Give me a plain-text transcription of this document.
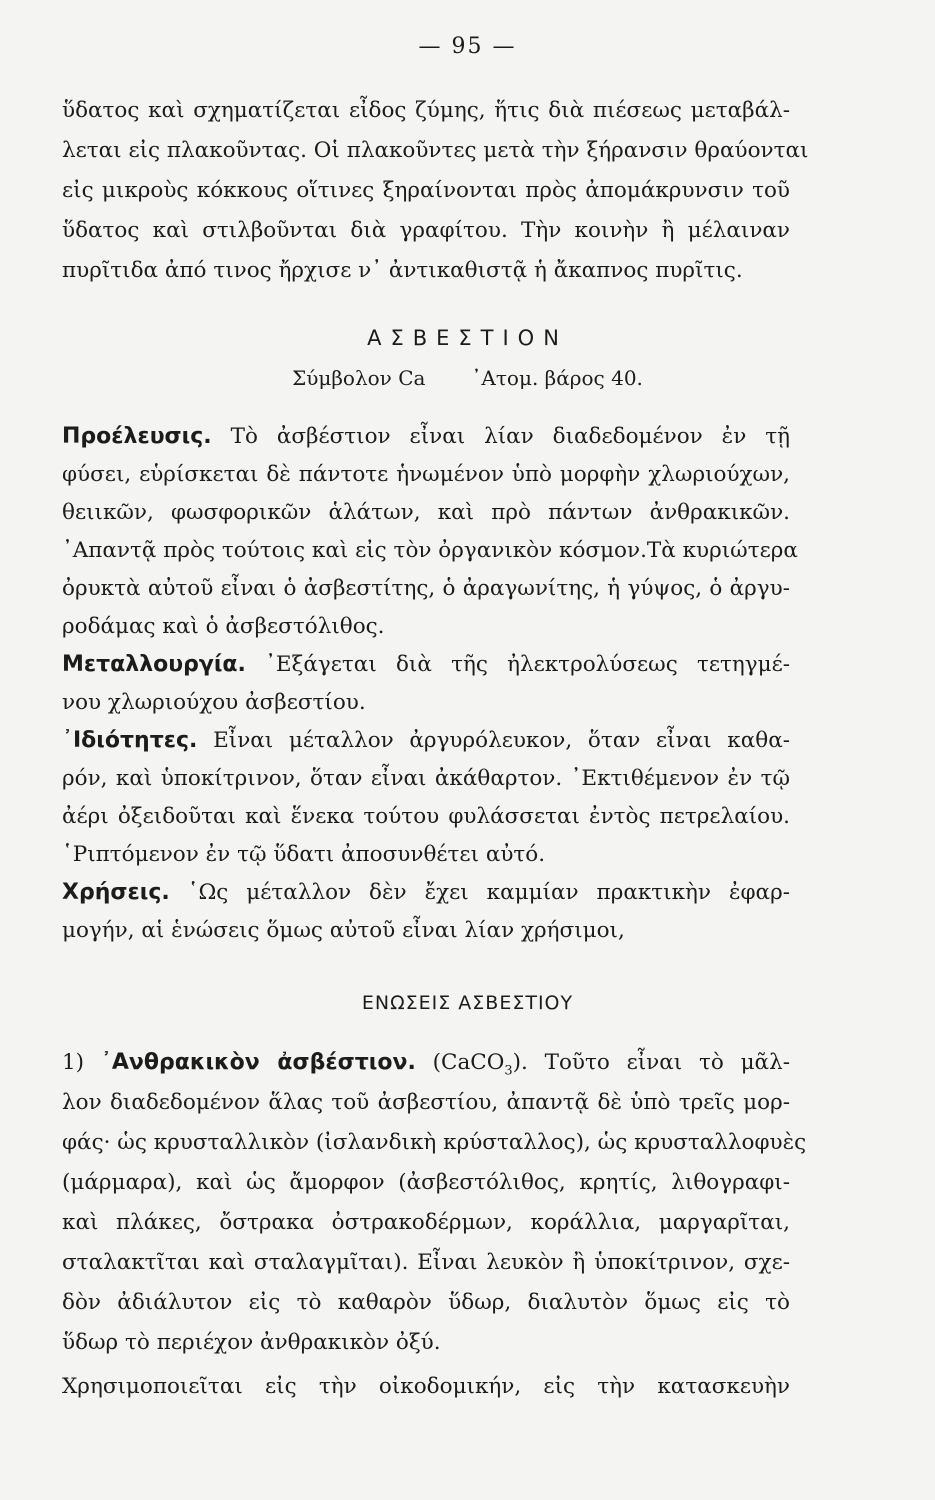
— 95 —
ὕδατος καὶ σχηματίζεται εἶδος ζύμης, ἥτις διὰ πιέσεως μεταβάλ-
λεται εἰς πλακοῦντας. Οἱ πλακοῦντες μετὰ τὴν ξήρανσιν θραύονται
εἰς μικροὺς κόκκους οἵτινες ξηραίνονται πρὸς ἀπομάκρυνσιν τοῦ
ὕδατος καὶ στιλβοῦνται διὰ γραφίτου. Τὴν κοινὴν ἢ μέλαιναν
πυρῖτιδα ἀπό τινος ἤρχισε ν᾽ ἀντικαθιστᾷ ἡ ἄκαπνος πυρῖτις.
ΑΣΒΕΣΤΙΟΝ
Σύμβολον Ca ᾽Ατομ. βάρος 40.
Προέλευσις. Τὸ ἀσβέστιον εἶναι λίαν διαδεδομένον ἐν τῇ
φύσει, εὑρίσκεται δὲ πάντοτε ἡνωμένον ὑπὸ μορφὴν χλωριούχων,
θειικῶν, φωσφορικῶν ἁλάτων, καὶ πρὸ πάντων ἀνθρακικῶν.
᾽Απαντᾷ πρὸς τούτοις καὶ εἰς τὸν ὀργανικὸν κόσμον.Τὰ κυριώτερα
ὀρυκτὰ αὐτοῦ εἶναι ὁ ἀσβεστίτης, ὁ ἀραγωνίτης, ἡ γύψος, ὁ ἀργυ-
ροδάμας καὶ ὁ ἀσβεστόλιθος.
Μεταλλουργία. ᾽Εξάγεται διὰ τῆς ἠλεκτρολύσεως τετηγμέ-
νου χλωριούχου ἀσβεστίου.
᾽Ιδιότητες. Εἶναι μέταλλον ἀργυρόλευκον, ὅταν εἶναι καθα-
ρόν, καὶ ὑποκίτρινον, ὅταν εἶναι ἀκάθαρτον. ᾽Εκτιθέμενον ἐν τῷ
ἀέρι ὀξειδοῦται καὶ ἕνεκα τούτου φυλάσσεται ἐντὸς πετρελαίου.
῾Ριπτόμενον ἐν τῷ ὕδατι ἀποσυνθέτει αὐτό.
Χρήσεις. ῾Ως μέταλλον δὲν ἔχει καμμίαν πρακτικὴν ἐφαρ-
μογήν, αἱ ἑνώσεις ὅμως αὐτοῦ εἶναι λίαν χρήσιμοι,
ΕΝΩΣΕΙΣ ΑΣΒΕΣΤΙΟΥ
1) ᾽Ανθρακικὸν ἀσβέστιον. (CaCO$_3$). Τοῦτο εἶναι τὸ μᾶλ-
λον διαδεδομένον ἅλας τοῦ ἀσβεστίου, ἀπαντᾷ δὲ ὑπὸ τρεῖς μορ-
φάς· ὡς κρυσταλλικὸν (ἰσλανδικὴ κρύσταλλος), ὡς κρυσταλλοφυὲς
(μάρμαρα), καὶ ὡς ἄμορφον (ἀσβεστόλιθος, κρητίς, λιθογραφι-
καὶ πλάκες, ὄστρακα ὀστρακοδέρμων, κοράλλια, μαργαρῖται,
σταλακτῖται καὶ σταλαγμῖται). Εἶναι λευκὸν ἢ ὑποκίτρινον, σχε-
δὸν ἀδιάλυτον εἰς τὸ καθαρὸν ὕδωρ, διαλυτὸν ὅμως εἰς τὸ
ὕδωρ τὸ περιέχον ἀνθρακικὸν ὀξύ.
Χρησιμοποιεῖται εἰς τὴν οἰκοδομικήν, εἰς τὴν κατασκευὴν
